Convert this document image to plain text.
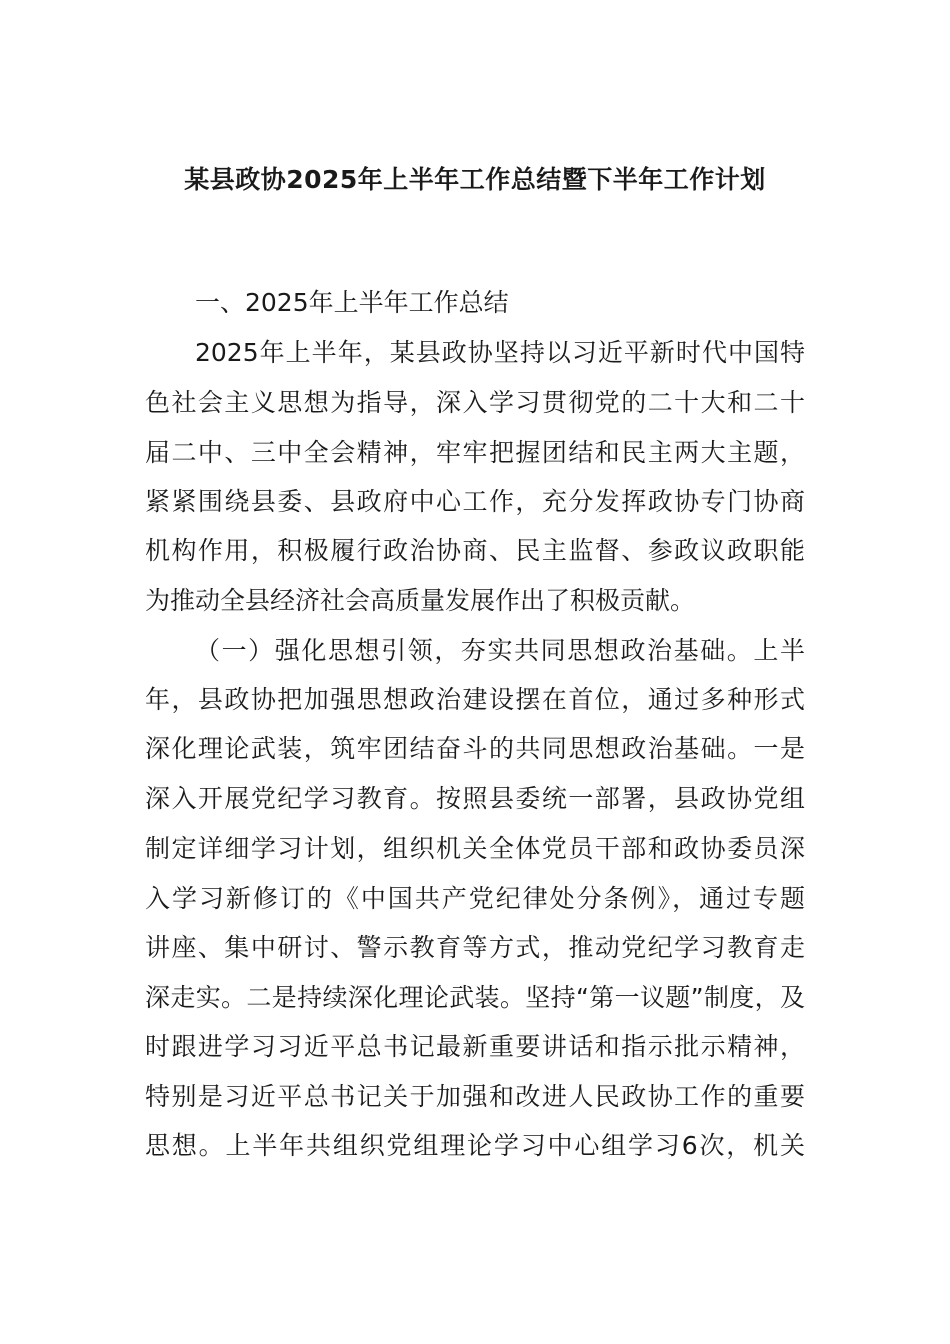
某县政协2025年上半年工作总结暨下半年工作计划
一、2025年上半年工作总结
2025年上半年，某县政协坚持以习近平新时代中国特
色社会主义思想为指导，深入学习贯彻党的二十大和二十
届二中、三中全会精神，牢牢把握团结和民主两大主题，
紧紧围绕县委、县政府中心工作，充分发挥政协专门协商
机构作用，积极履行政治协商、民主监督、参政议政职能
为推动全县经济社会高质量发展作出了积极贡献。
（一）强化思想引领，夯实共同思想政治基础。上半
年，县政协把加强思想政治建设摆在首位，通过多种形式
深化理论武装，筑牢团结奋斗的共同思想政治基础。一是
深入开展党纪学习教育。按照县委统一部署，县政协党组
制定详细学习计划，组织机关全体党员干部和政协委员深
入学习新修订的《中国共产党纪律处分条例》，通过专题
讲座、集中研讨、警示教育等方式，推动党纪学习教育走
深走实。二是持续深化理论武装。坚持“第一议题”制度，及
时跟进学习习近平总书记最新重要讲话和指示批示精神，
特别是习近平总书记关于加强和改进人民政协工作的重要
思想。上半年共组织党组理论学习中心组学习6次，机关
